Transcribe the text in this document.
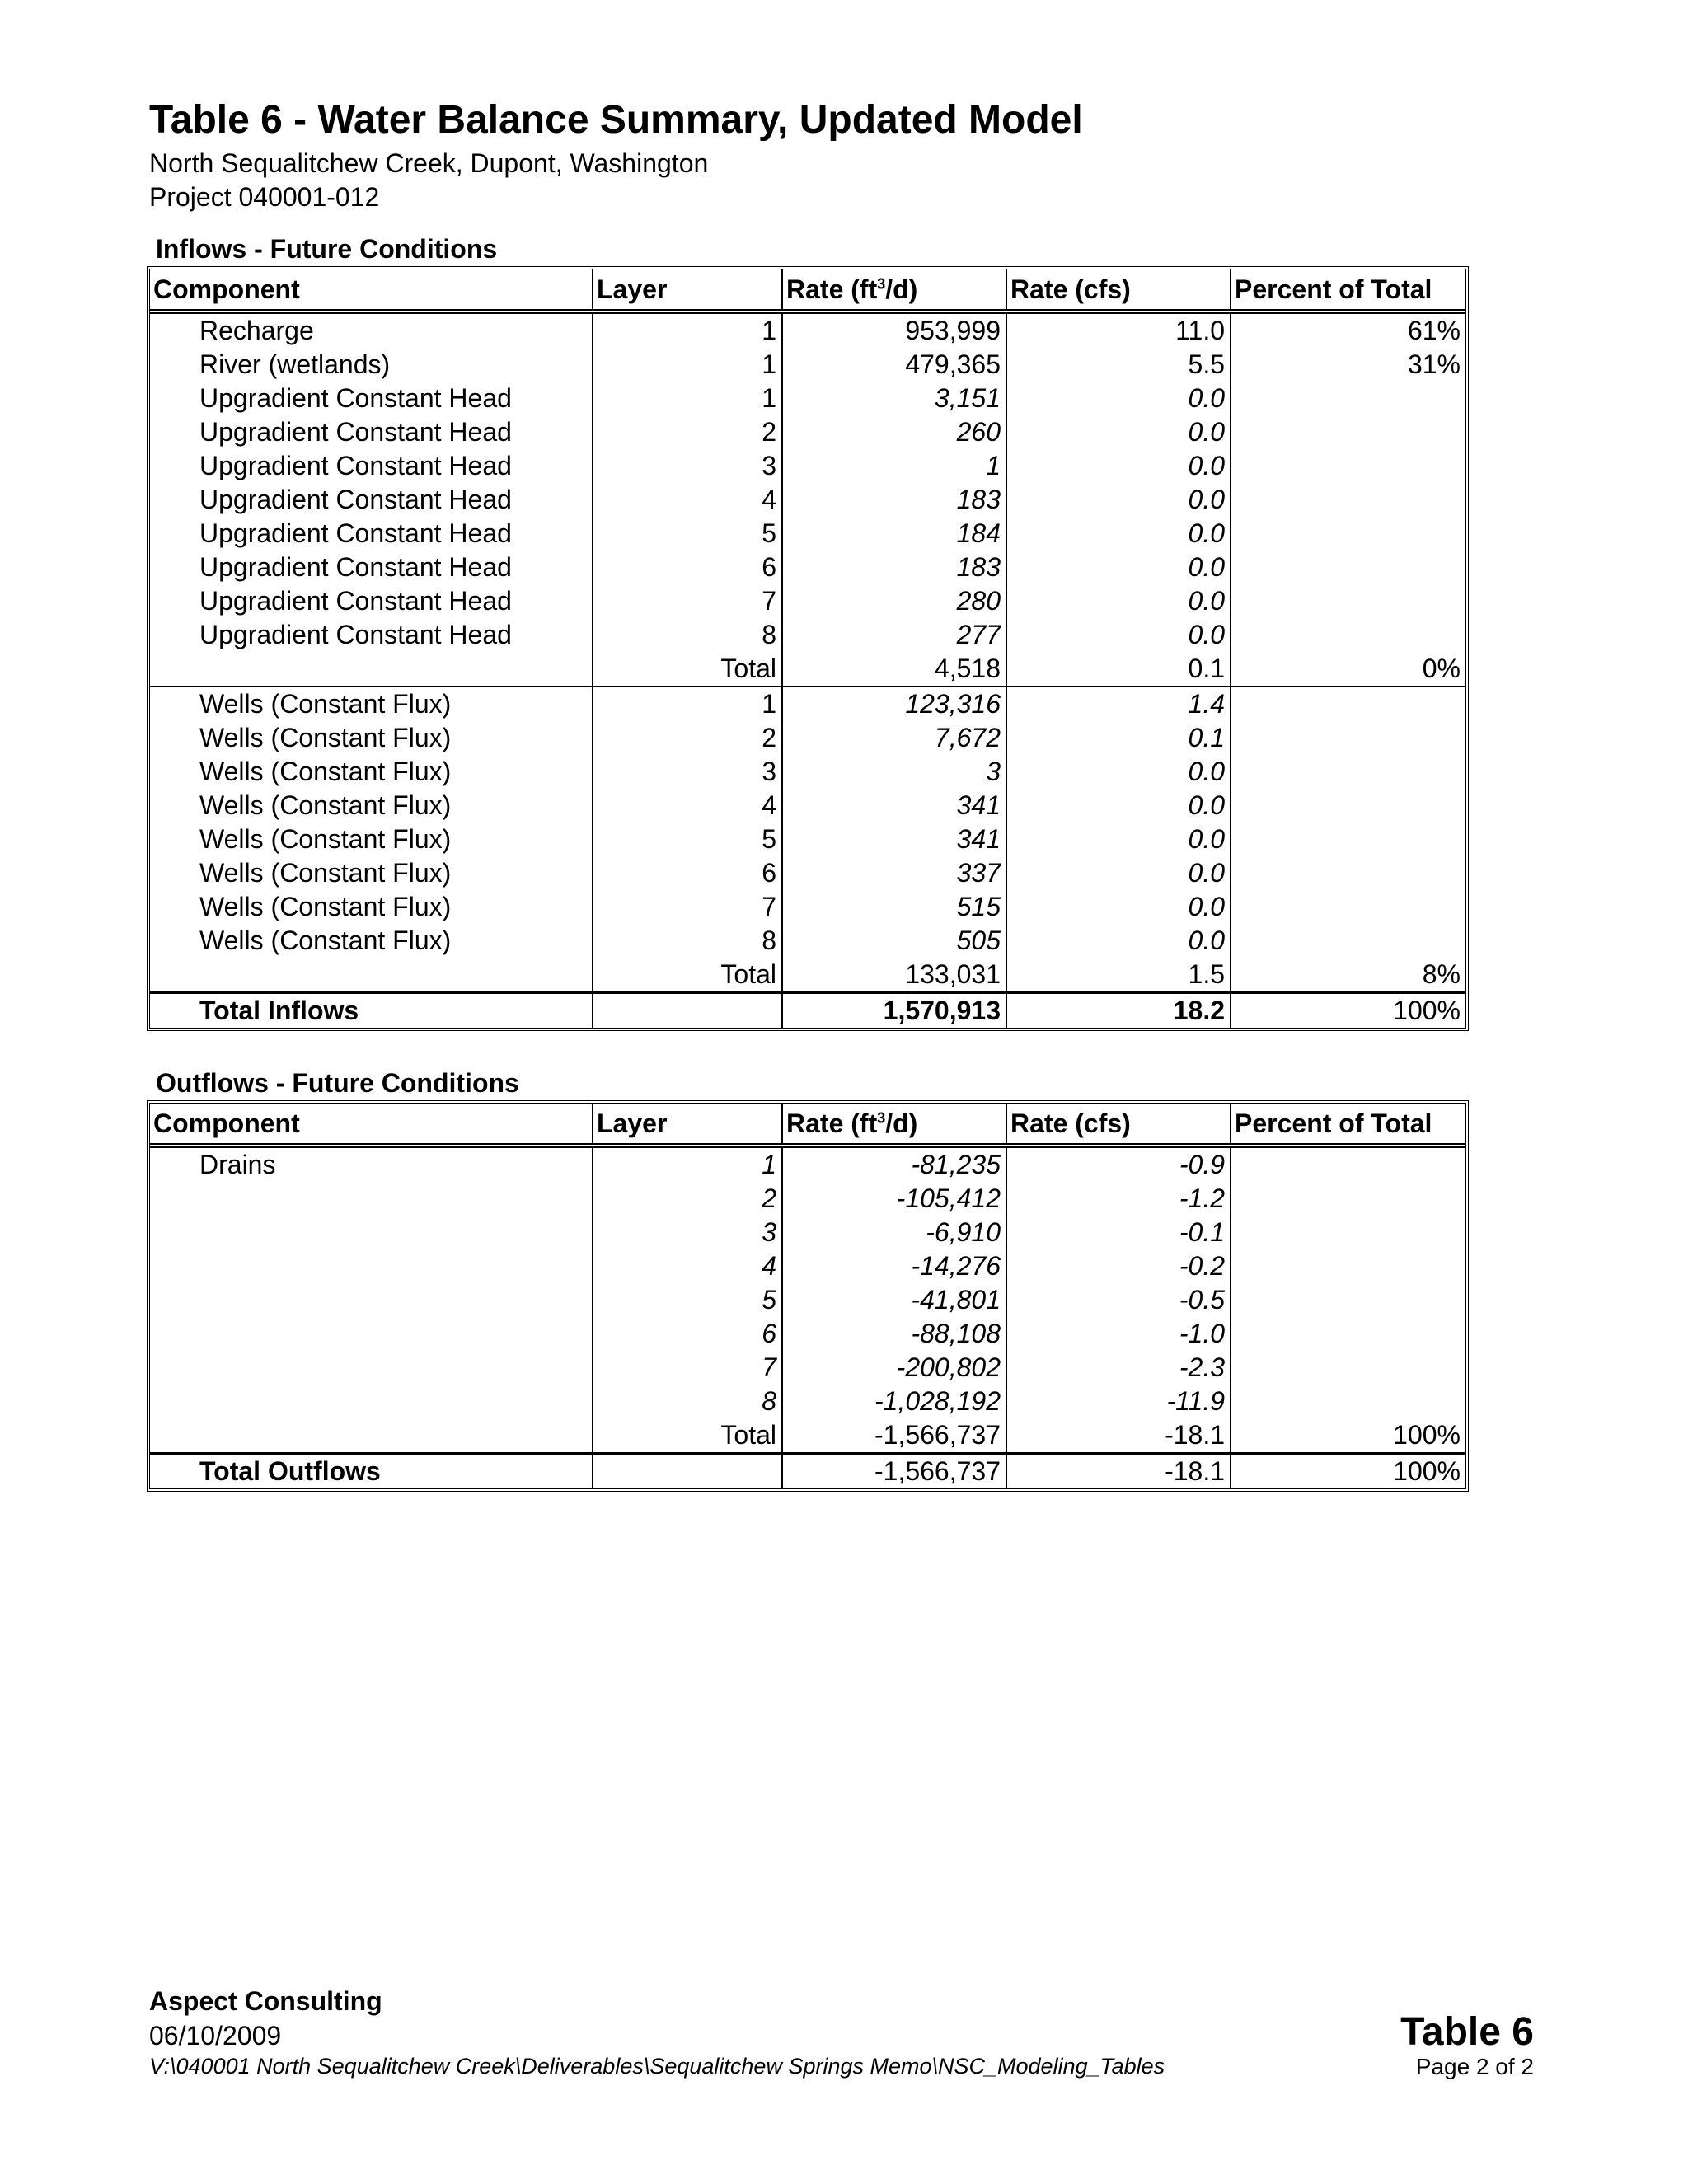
Table 6 - Water Balance Summary, Updated Model
North Sequalitchew Creek, Dupont, Washington
Project 040001-012
Inflows - Future Conditions
Component	Layer	Rate $(ft^3/d)$	Rate (cfs)	Percent of Total
Recharge	1	953,999	11.0	61%
River (wetlands)	1	479,365	5.5	31%
Upgradient Constant Head	1	3,151	0.0	
Upgradient Constant Head	2	260	0.0	
Upgradient Constant Head	3	1	0.0	
Upgradient Constant Head	4	183	0.0	
Upgradient Constant Head	5	184	0.0	
Upgradient Constant Head	6	183	0.0	
Upgradient Constant Head	7	280	0.0	
Upgradient Constant Head	8	277	0.0	
	Total	4,518	0.1	0%
Wells (Constant Flux)	1	123,316	1.4	
Wells (Constant Flux)	2	7,672	0.1	
Wells (Constant Flux)	3	3	0.0	
Wells (Constant Flux)	4	341	0.0	
Wells (Constant Flux)	5	341	0.0	
Wells (Constant Flux)	6	337	0.0	
Wells (Constant Flux)	7	515	0.0	
Wells (Constant Flux)	8	505	0.0	
	Total	133,031	1.5	8%
Total Inflows		1,570,913	18.2	100%
Outflows - Future Conditions
Component	Layer	Rate $(ft^3/d)$	Rate (cfs)	Percent of Total
Drains	1	-81,235	-0.9	
	2	-105,412	-1.2	
	3	-6,910	-0.1	
	4	-14,276	-0.2	
	5	-41,801	-0.5	
	6	-88,108	-1.0	
	7	-200,802	-2.3	
	8	-1,028,192	-11.9	
	Total	-1,566,737	-18.1	100%
Total Outflows		-1,566,737	-18.1	100%
Aspect Consulting
06/10/2009
V:\040001 North Sequalitchew Creek\Deliverables\Sequalitchew Springs Memo\NSC_Modeling_Tables
Table 6
Page 2 of 2
